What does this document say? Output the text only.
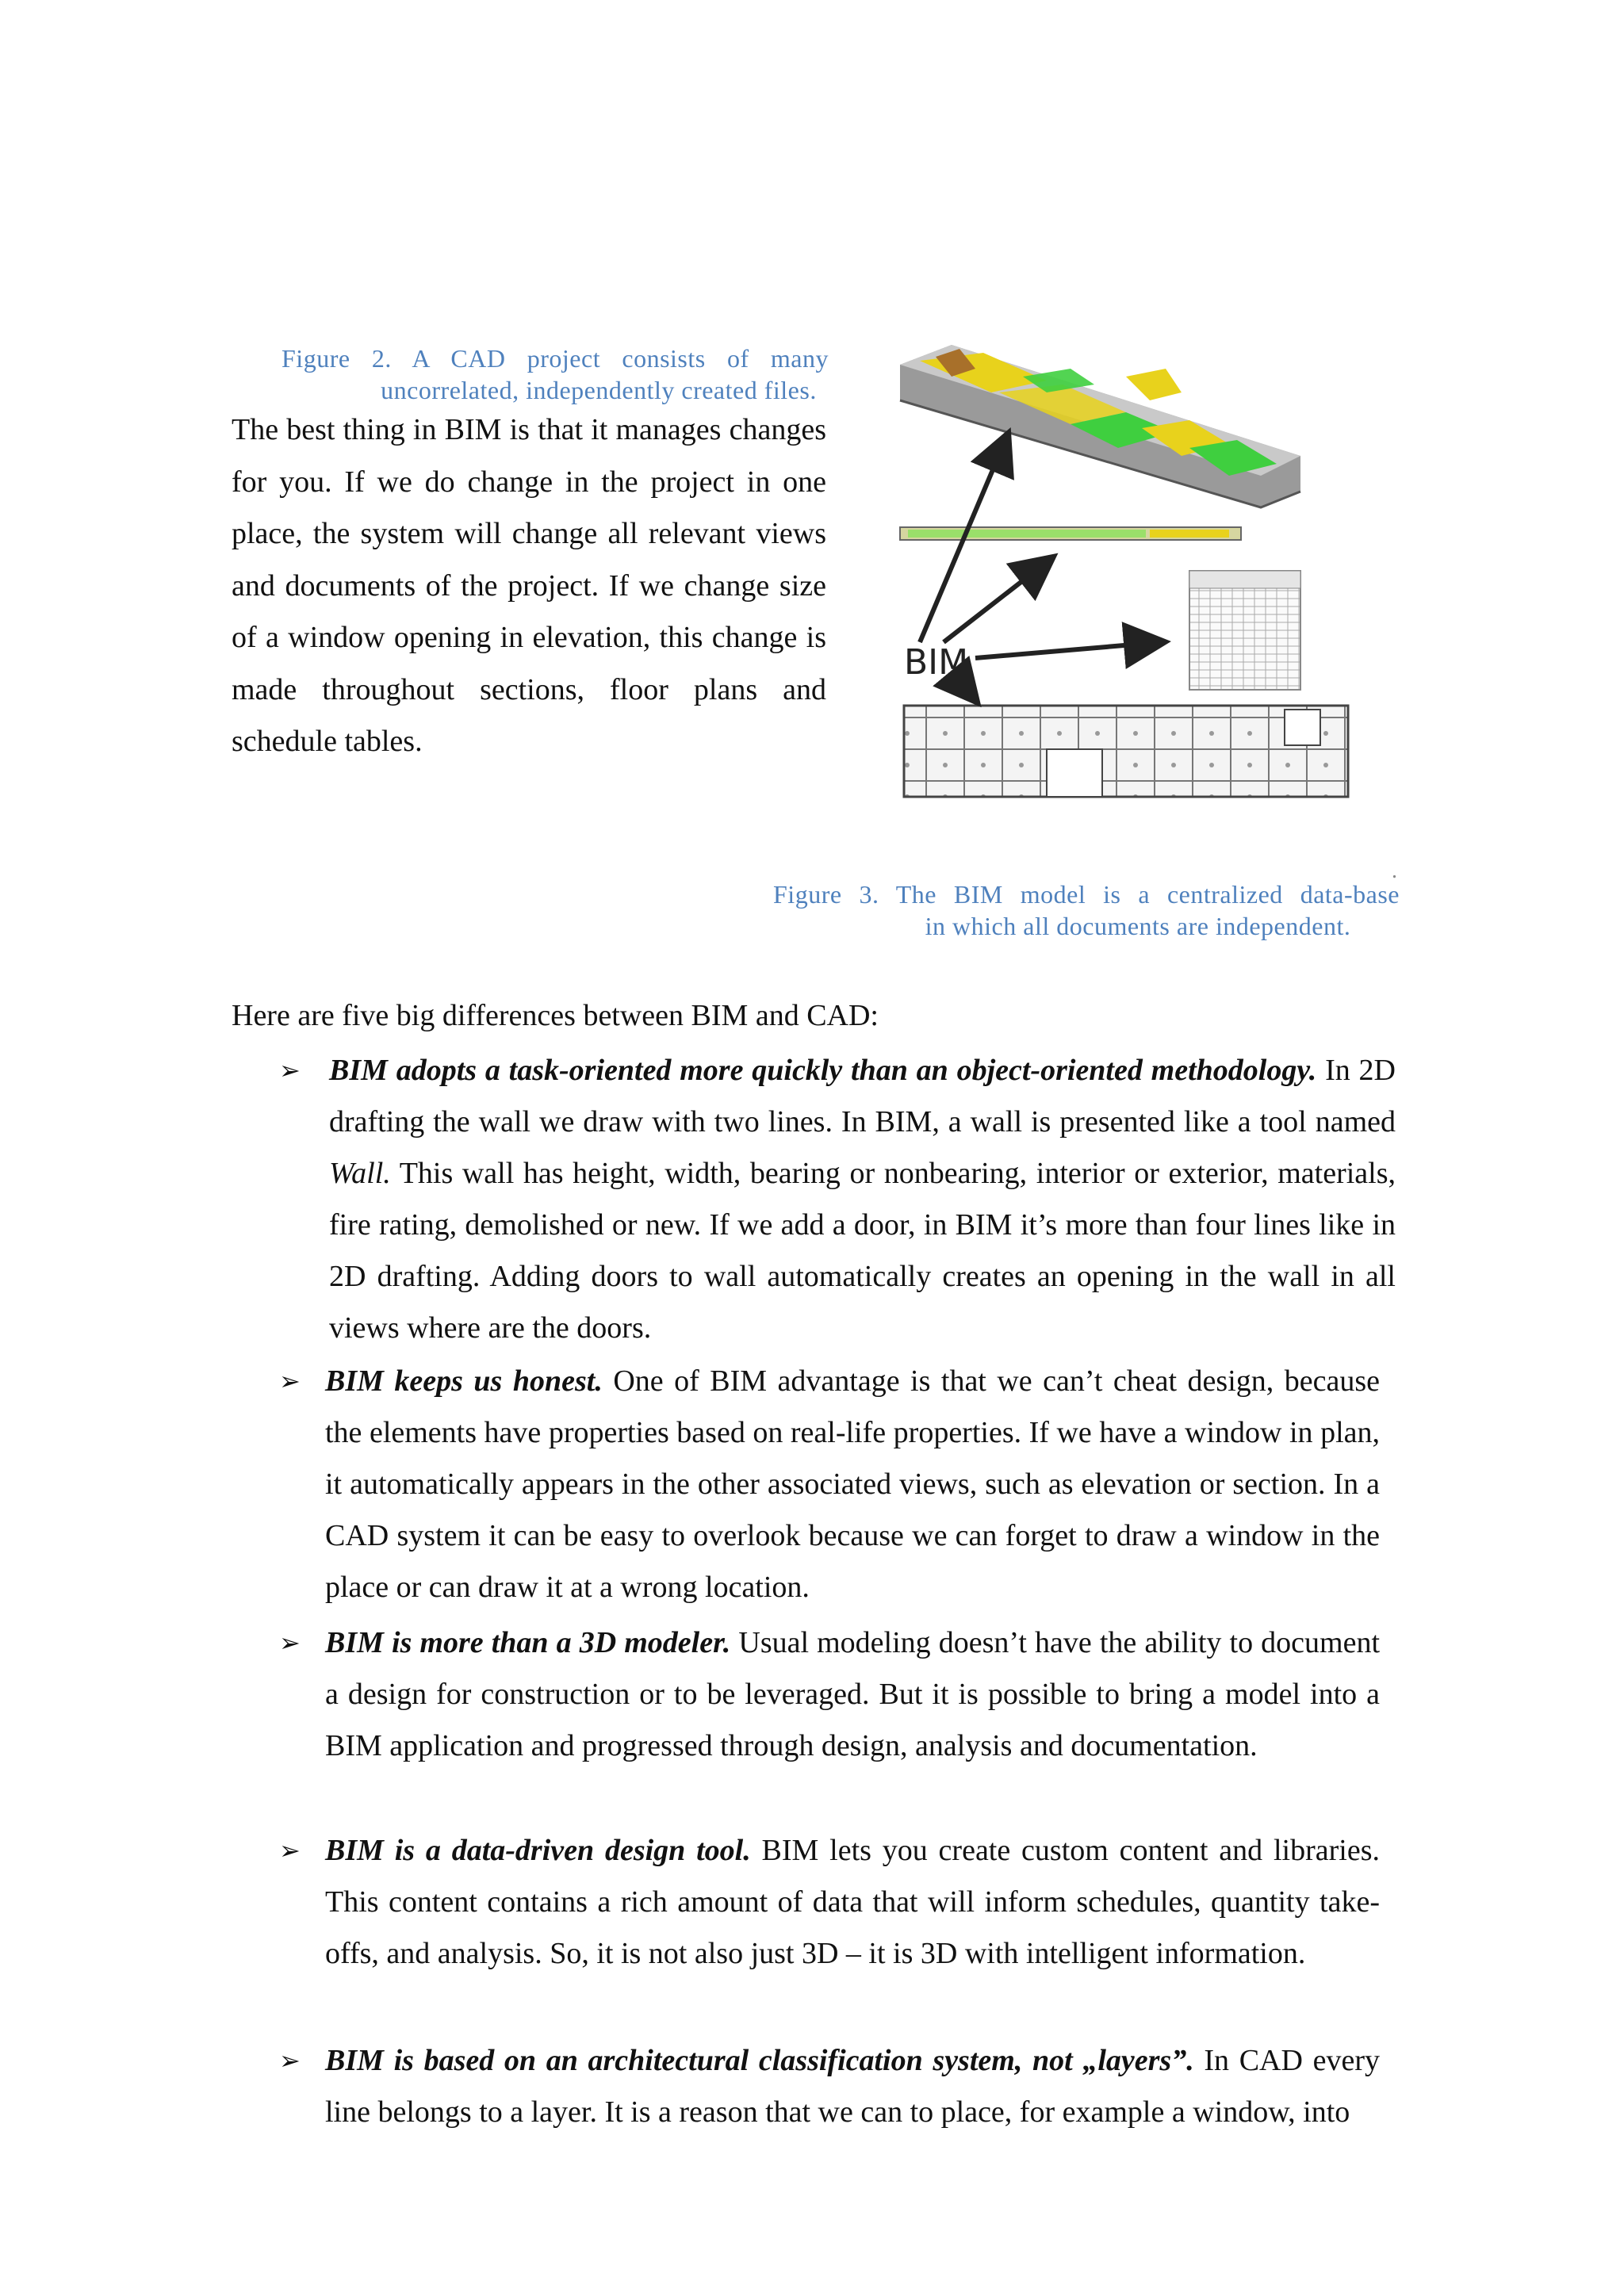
Figure 2. A CAD project consists of many
uncorrelated, independently created files.
The best thing in BIM is that it manages changes for you. If we do change in the project in one place, the system will change all relevant views and documents of the project. If we change size of a window opening in elevation, this change is made throughout sections, floor plans and schedule tables.
BIM
.
Figure 3. The BIM model is a centralized data-base
in which all documents are independent.
Here are five big differences between BIM and CAD:
➢ BIM adopts a task-oriented more quickly than an object-oriented methodology. In 2D drafting the wall we draw with two lines. In BIM, a wall is presented like a tool named Wall. This wall has height, width, bearing or nonbearing, interior or exterior, materials, fire rating, demolished or new. If we add a door, in BIM it’s more than four lines like in 2D drafting. Adding doors to wall automatically creates an opening in the wall in all views where are the doors.
➢ BIM keeps us honest. One of BIM advantage is that we can’t cheat design, because the elements have properties based on real-life properties. If we have a window in plan, it automatically appears in the other associated views, such as elevation or section. In a CAD system it can be easy to overlook because we can forget to draw a window in the place or can draw it at a wrong location.
➢ BIM is more than a 3D modeler. Usual modeling doesn’t have the ability to document a design for construction or to be leveraged. But it is possible to bring a model into a BIM application and progressed through design, analysis and documentation.
➢ BIM is a data-driven design tool. BIM lets you create custom content and libraries. This content contains a rich amount of data that will inform schedules, quantity take-offs, and analysis. So, it is not also just 3D – it is 3D with intelligent information.
➢ BIM is based on an architectural classification system, not „layers”. In CAD every line belongs to a layer. It is a reason that we can to place, for example a window, into
